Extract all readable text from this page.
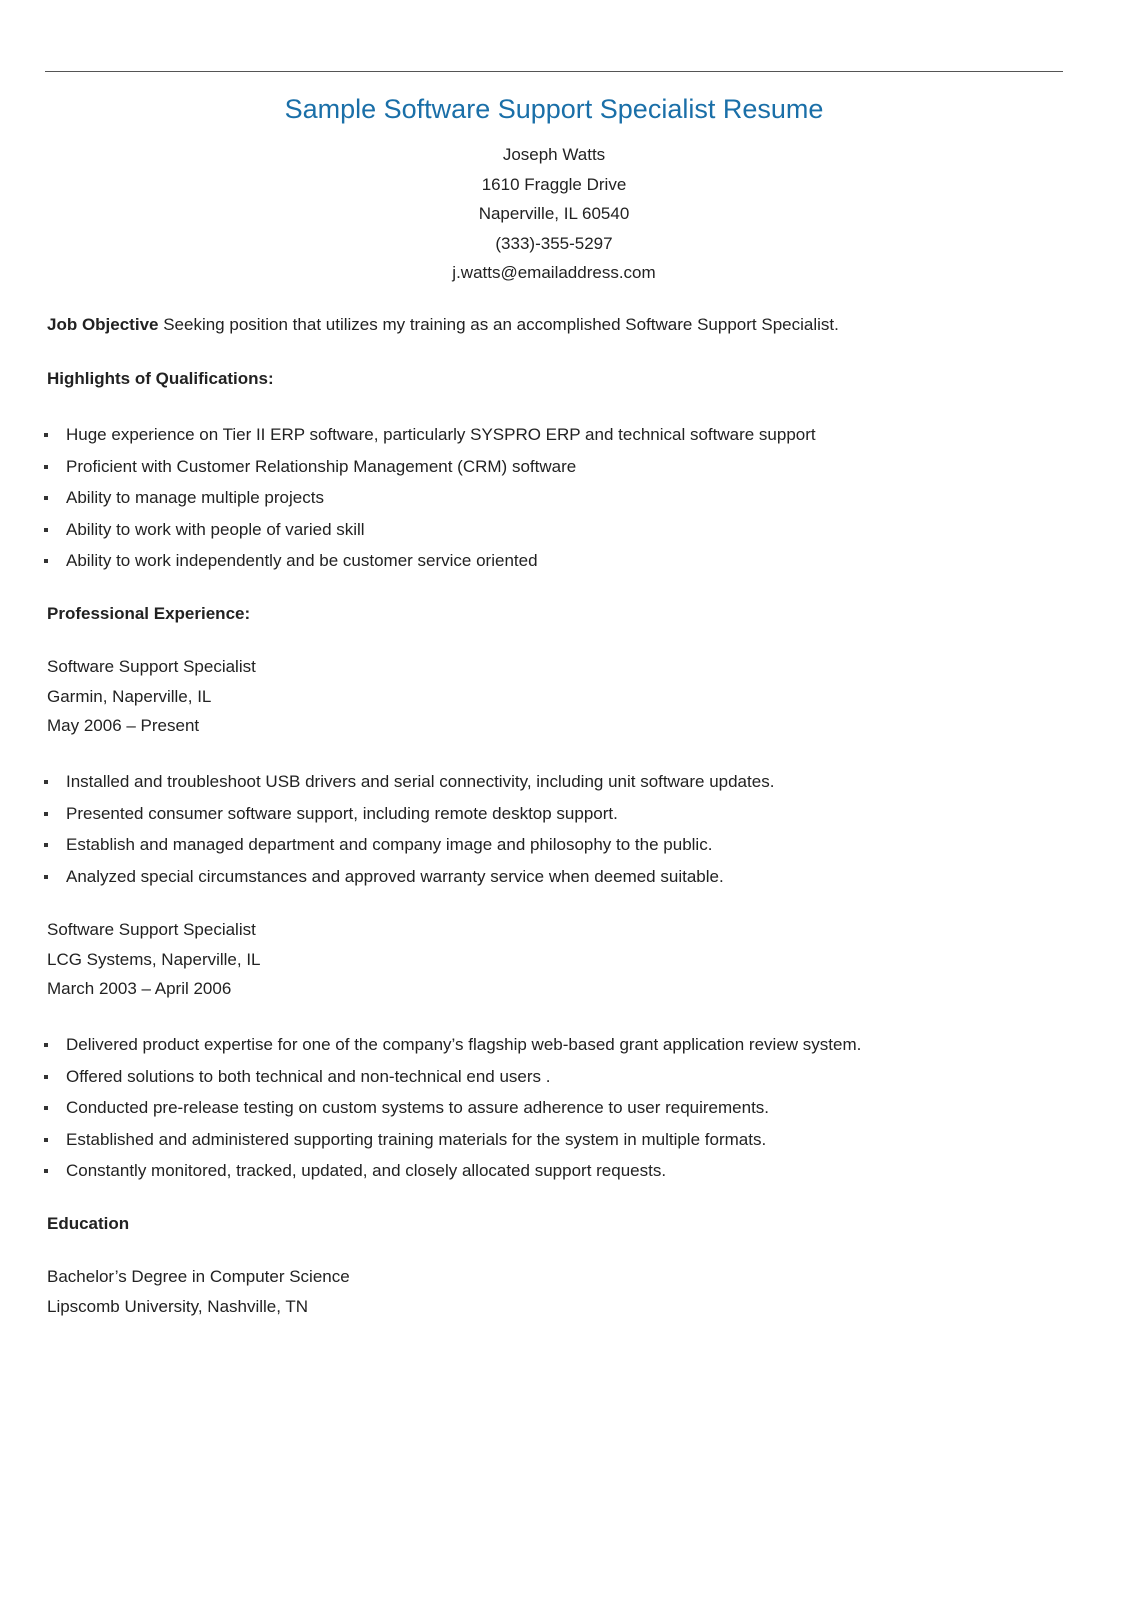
Sample Software Support Specialist Resume
Joseph Watts
1610 Fraggle Drive
Naperville, IL 60540
(333)-355-5297
j.watts@emailaddress.com
Job Objective Seeking position that utilizes my training as an accomplished Software Support Specialist.
Highlights of Qualifications:
Huge experience on Tier II ERP software, particularly SYSPRO ERP and technical software support
Proficient with Customer Relationship Management (CRM) software
Ability to manage multiple projects
Ability to work with people of varied skill
Ability to work independently and be customer service oriented
Professional Experience:
Software Support Specialist
Garmin, Naperville, IL
May 2006 – Present
Installed and troubleshoot USB drivers and serial connectivity, including unit software updates.
Presented consumer software support, including remote desktop support.
Establish and managed department and company image and philosophy to the public.
Analyzed special circumstances and approved warranty service when deemed suitable.
Software Support Specialist
LCG Systems, Naperville, IL
March 2003 – April 2006
Delivered product expertise for one of the company’s flagship web-based grant application review system.
Offered solutions to both technical and non-technical end users .
Conducted pre-release testing on custom systems to assure adherence to user requirements.
Established and administered supporting training materials for the system in multiple formats.
Constantly monitored, tracked, updated, and closely allocated support requests.
Education
Bachelor’s Degree in Computer Science
Lipscomb University, Nashville, TN
